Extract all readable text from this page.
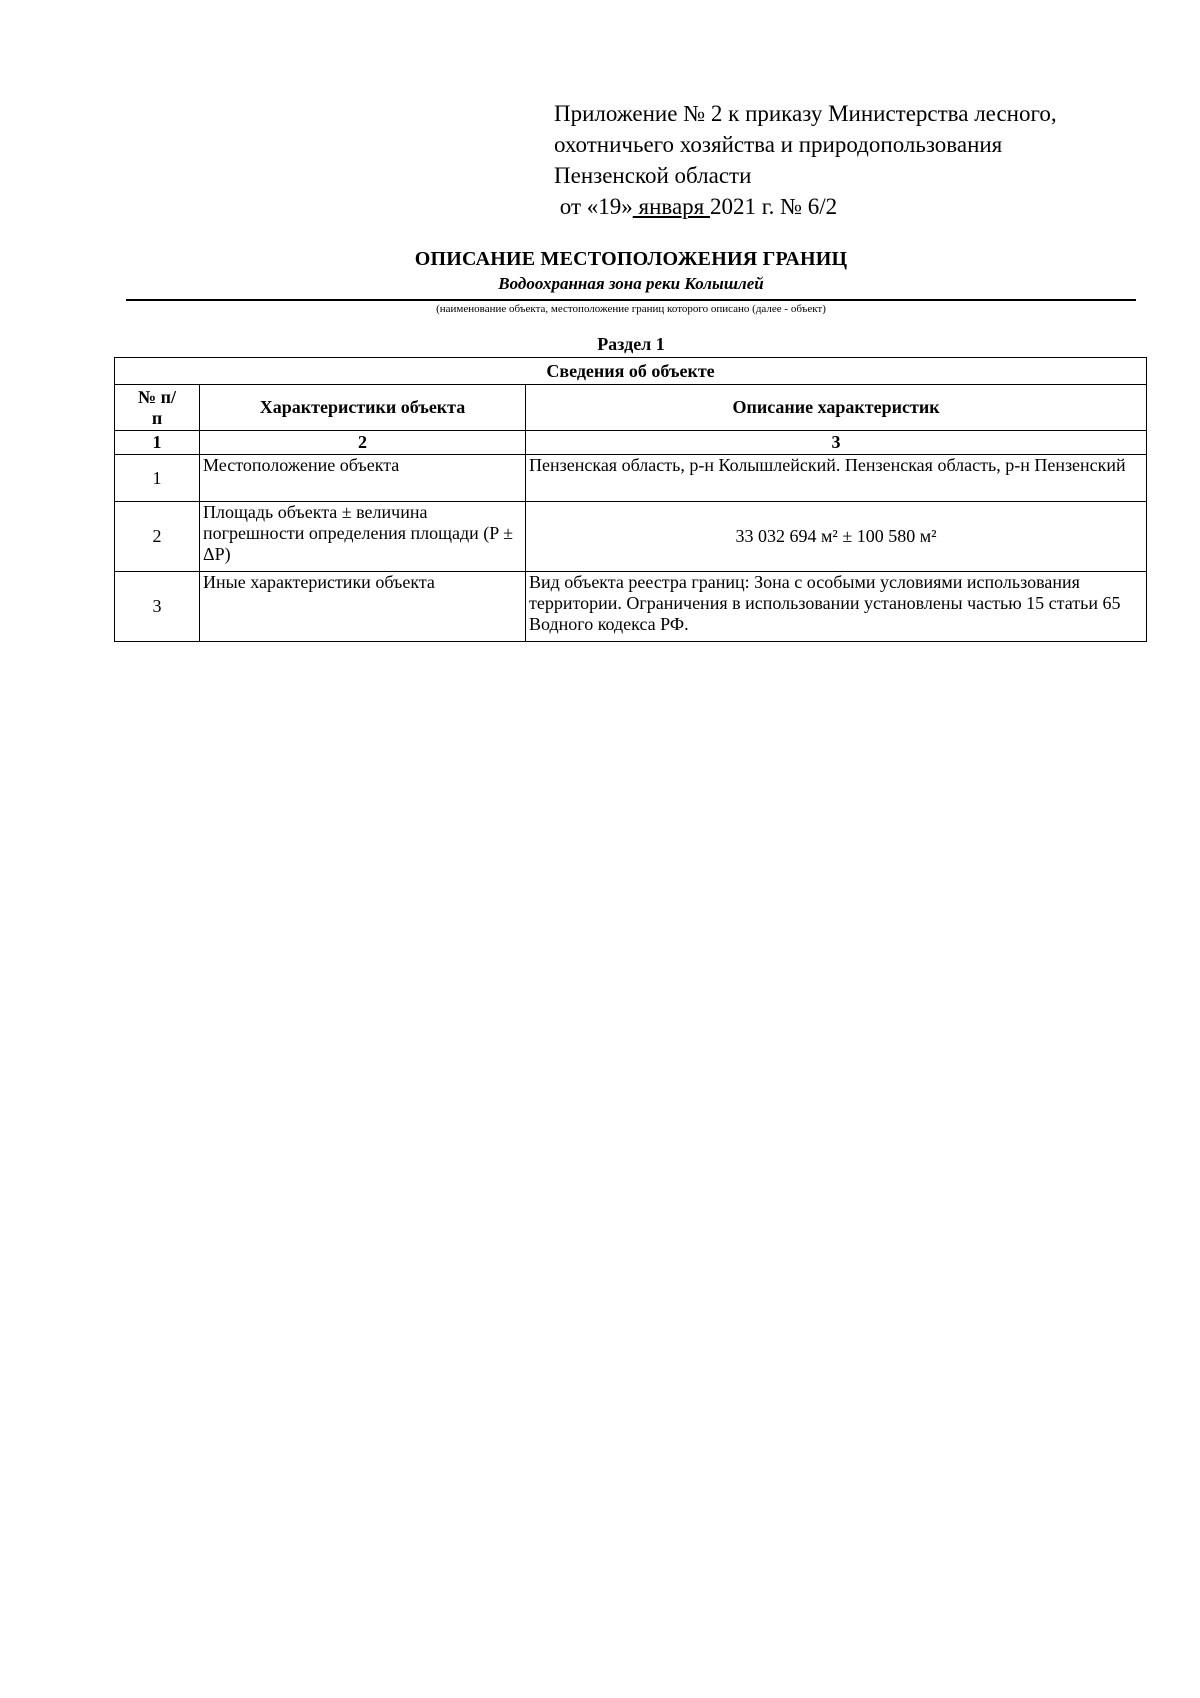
Приложение № 2 к приказу Министерства лесного,
охотничьего хозяйства и природопользования
Пензенской области
от «19» января 2021 г. № 6/2
ОПИСАНИЕ МЕСТОПОЛОЖЕНИЯ ГРАНИЦ
Водоохранная зона реки Колышлей
(наименование объекта, местоположение границ которого описано (далее - объект)
Раздел 1
Сведения об объекте		
№ п/п	Характеристики объекта	Описание характеристик
1	2	3
1	Местоположение объекта	Пензенская область, р-н Колышлейский. Пензенская область, р-н Пензенский
2	Площадь объекта ± величина погрешности определения площади (P ± ΔP)	33 032 694 м² ± 100 580 м²
3	Иные характеристики объекта	Вид объекта реестра границ: Зона с особыми условиями использования территории. Ограничения в использовании установлены частью 15 статьи 65 Водного кодекса РФ.
